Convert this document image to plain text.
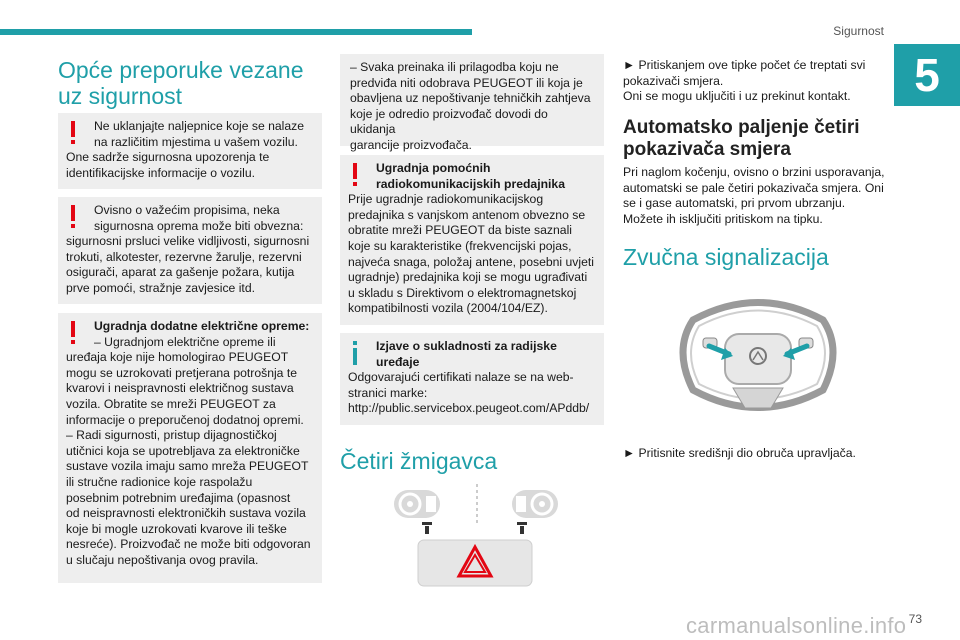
Sigurnost
5
Opće preporuke vezane
uz sigurnost

Ne uklanjajte naljepnice koje se nalaze

na različitim mjestima u vašem vozilu.

One sadrže sigurnosna upozorenja te

identifikacijske informacije o vozilu.

Ovisno o važećim propisima, neka

sigurnosna oprema može biti obvezna:

sigurnosni prsluci velike vidljivosti, sigurnosni

trokuti, alkotester, rezervne žarulje, rezervni

osigurači, aparat za gašenje požara, kutija

prve pomoći, stražnje zavjesice itd.

Ugradnja dodatne električne opreme:

– Ugradnjom električne opreme ili

uređaja koje nije homologirao PEUGEOT

mogu se uzrokovati pretjerana potrošnja te

kvarovi i neispravnosti električnog sustava

vozila. Obratite se mreži PEUGEOT za

informacije o preporučenoj dodatnoj opremi.

– Radi sigurnosti, pristup dijagnostičkoj

utičnici koja se upotrebljava za elektroničke

sustave vozila imaju samo mreža PEUGEOT

ili stručne radionice koje raspolažu

posebnim potrebnim uređajima (opasnost

od neispravnosti elektroničkih sustava vozila

koje bi mogle uzrokovati kvarove ili teške

nesreće). Proizvođač ne može biti odgovoran

u slučaju nepoštivanja ovog pravila.

– Svaka preinaka ili prilagodba koju ne

predviđa niti odobrava PEUGEOT ili koja je

obavljena uz nepoštivanje tehničkih zahtjeva

koje je odredio proizvođač dovodi do ukidanja

garancije proizvođača.

Ugradnja pomoćnih

radiokomunikacijskih predajnika

Prije ugradnje radiokomunikacijskog

predajnika s vanjskom antenom obvezno se

obratite mreži PEUGEOT da biste saznali

koje su karakteristike (frekvencijski pojas,

najveća snaga, položaj antene, posebni uvjeti

ugradnje) predajnika koji se mogu ugrađivati

u skladu s Direktivom o elektromagnetskoj

kompatibilnosti vozila (2004/104/EZ).

Izjave o sukladnosti za radijske

uređaje

Odgovarajući certifikati nalaze se na web-

stranici marke:

http://public.servicebox.peugeot.com/APddb/

Četiri žmigavca

► Pritiskanjem ove tipke počet će treptati svi

pokazivači smjera.

Oni se mogu uključiti i uz prekinut kontakt.

Automatsko paljenje četiri
pokazivača smjera

Pri naglom kočenju, ovisno o brzini usporavanja,

automatski se pale četiri pokazivača smjera. Oni

se i gase automatski, pri prvom ubrzanju.

Možete ih isključiti pritiskom na tipku.

Zvučna signalizacija

► Pritisnite središnji dio obruča upravljača.

carmanualsonline.info 73
